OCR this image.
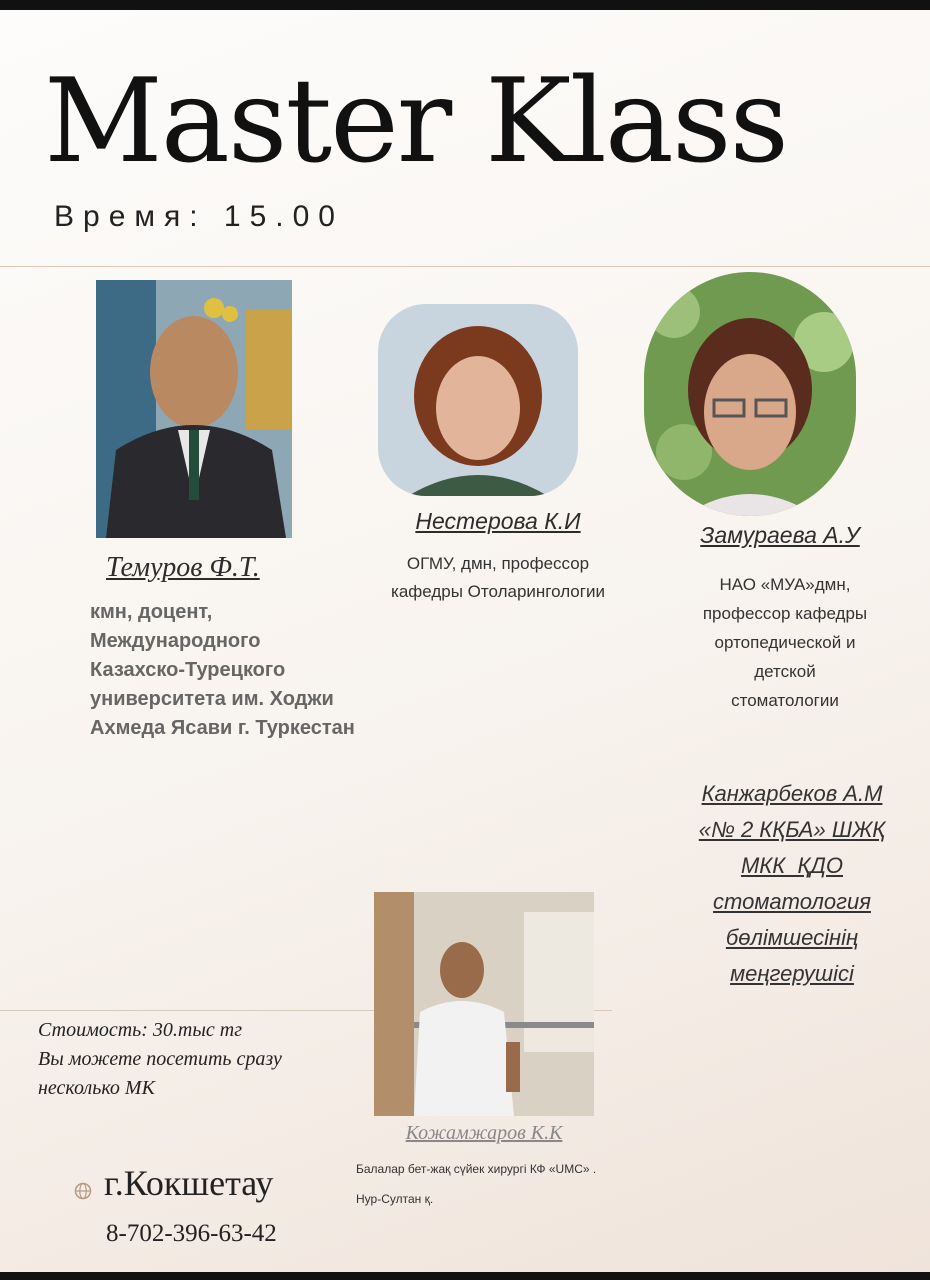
Master Klass
Время: 15.00
Темуров Ф.Т.
кмн, доцент,
Международного
Казахско-Турецкого
университета им. Ходжи
Ахмеда Ясави г. Туркестан
Нестерова К.И
ОГМУ, дмн, профессор
кафедры Отоларингологии
Замураева А.У
НАО «МУА»дмн,
профессор кафедры
ортопедической и
детской
стоматологии
Канжарбеков А.М
«№ 2 КҚБА» ШЖҚ
МКК  ҚДО
стоматология
бөлімшесінің
меңгерушісі
Кожамжаров К.К
Балалар бет-жақ сүйек хирургі КФ «UMC» .
Нур-Султан қ.
Стоимость: 30.тыс тг
Вы можете посетить сразу
несколько МК
г.Кокшетау
8-702-396-63-42
